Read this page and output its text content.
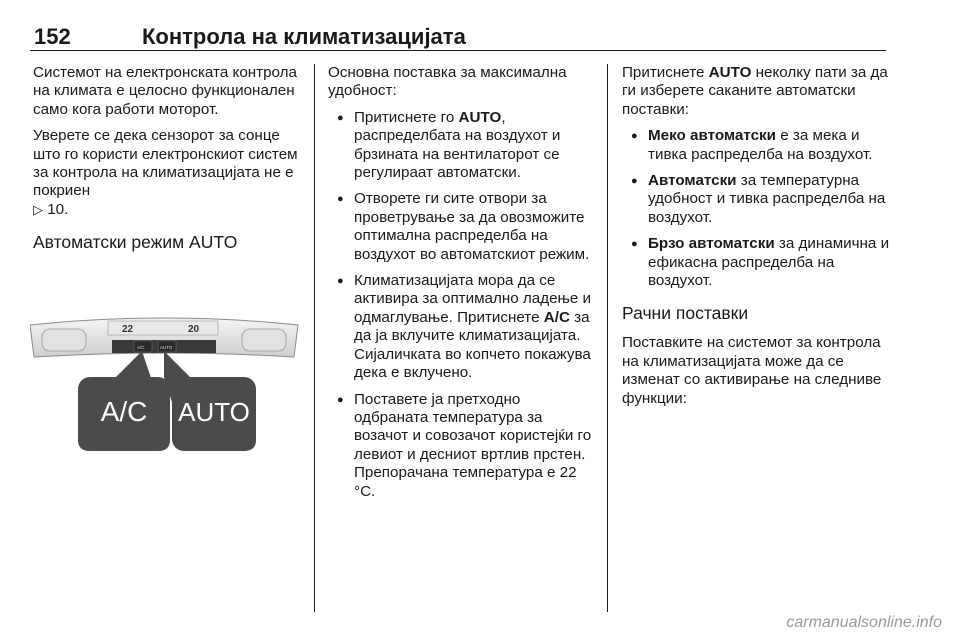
152	Контрола на климатизацијата

Системот на електронската контрола на климата е целосно функционален само кога работи моторот.

Уверете се дека сензорот за сонце што го користи електронскиот систем за контрола на климатизацијата не е покриен
▷ 10.

Автоматски режим AUTO
22	20
A/C	AUTO
A/C AUTO

Основна поставка за максимална удобност:

● Притиснете го AUTO, распределбата на воздухот и брзината на вентилаторот се регулираат автоматски.
● Отворете ги сите отвори за проветрување за да овозможите оптимална распределба на воздухот во автоматскиот режим.
● Климатизацијата мора да се активира за оптимално ладење и одмаглување. Притиснете A/C за да ја вклучите климатизацијата. Сијаличката во копчето покажува дека е вклучено.
● Поставете ја претходно одбраната температура за возачот и совозачот користејќи го левиот и десниот вртлив прстен. Препорачана температура е 22 °C.

Притиснете AUTO неколку пати за да ги изберете саканите автоматски поставки:

● Меко автоматски е за мека и тивка распределба на воздухот.
● Автоматски за температурна удобност и тивка распределба на воздухот.
● Брзо автоматски за динамична и ефикасна распределба на воздухот.
Рачни поставки

Поставките на системот за контрола на климатизацијата може да се изменат со активирање на следниве функции:

carmanualsonline.info
